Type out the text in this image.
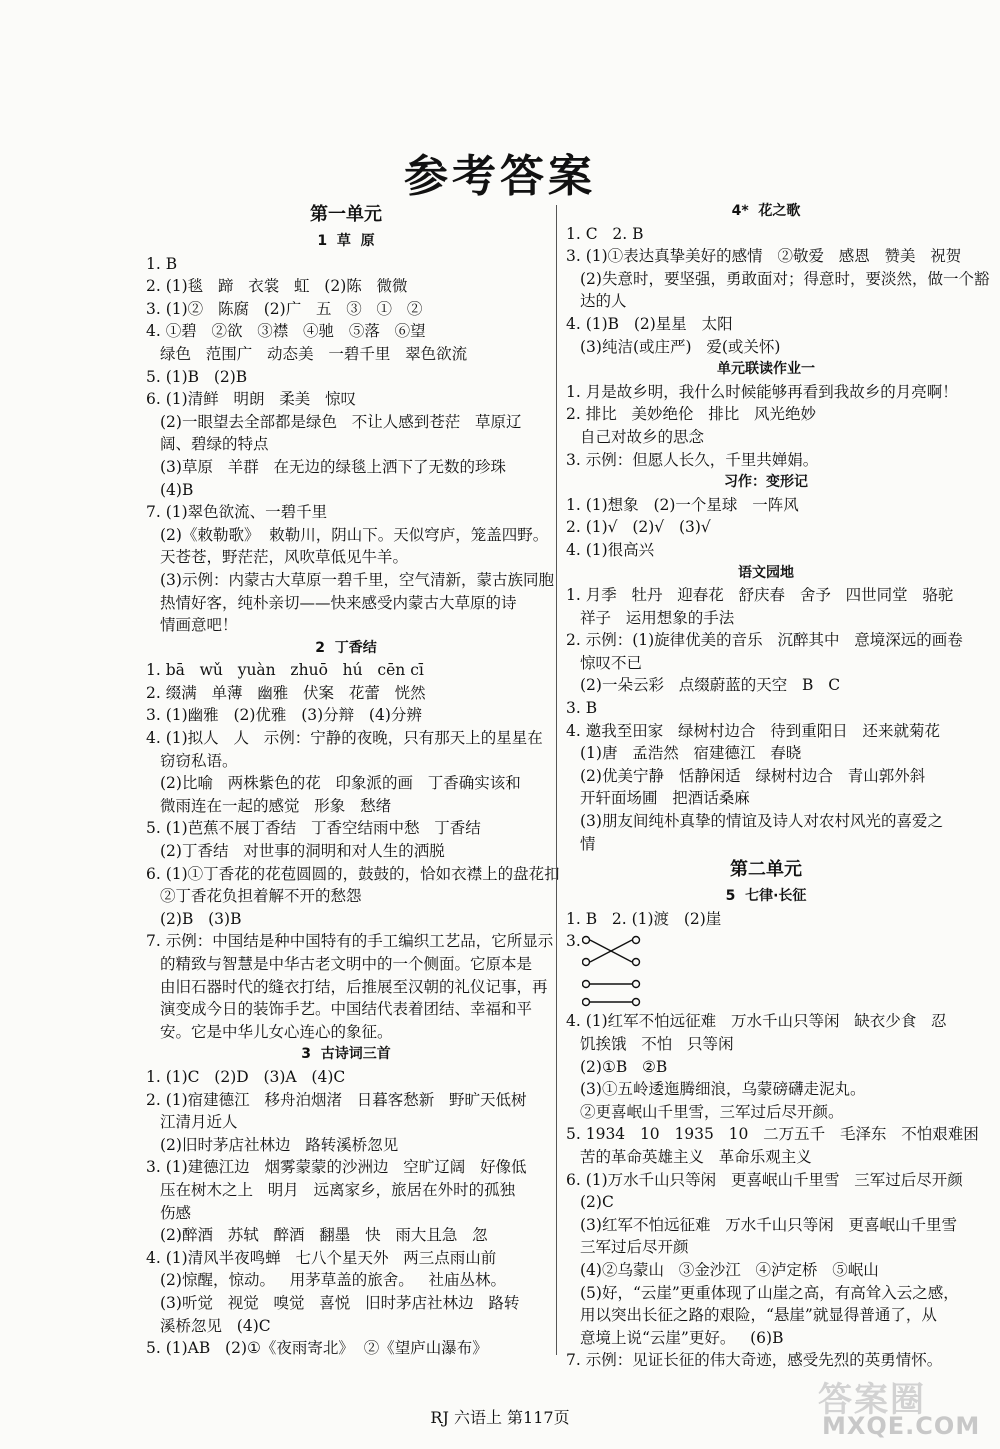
参考答案
第一单元
1  草  原
1. B
2. (1)毯   蹄   衣裳   虹   (2)陈   微微
3. (1)②   陈腐   (2)广   五   ③   ①   ②
4. ①碧   ②欲   ③襟   ④驰   ⑤落   ⑥望
绿色   范围广   动态美   一碧千里   翠色欲流
5. (1)B   (2)B
6. (1)清鲜   明朗   柔美   惊叹
(2)一眼望去全部都是绿色   不让人感到苍茫   草原辽
阔、碧绿的特点
(3)草原   羊群   在无边的绿毯上洒下了无数的珍珠
(4)B
7. (1)翠色欲流、一碧千里
(2)《敕勒歌》  敕勒川，阴山下。天似穹庐，笼盖四野。
天苍苍，野茫茫，风吹草低见牛羊。
(3)示例：内蒙古大草原一碧千里，空气清新，蒙古族同胞
热情好客，纯朴亲切——快来感受内蒙古大草原的诗
情画意吧！
2  丁香结
1. bā   wǔ   yuàn   zhuō   hú   cēn cī
2. 缀满   单薄   幽雅   伏案   花蕾   恍然
3. (1)幽雅   (2)优雅   (3)分辩   (4)分辨
4. (1)拟人   人   示例：宁静的夜晚，只有那天上的星星在
窃窃私语。
(2)比喻   两株紫色的花   印象派的画   丁香确实该和
微雨连在一起的感觉   形象   愁绪
5. (1)芭蕉不展丁香结   丁香空结雨中愁   丁香结
(2)丁香结   对世事的洞明和对人生的洒脱
6. (1)①丁香花的花苞圆圆的，鼓鼓的，恰如衣襟上的盘花扣
②丁香花负担着解不开的愁怨
(2)B   (3)B
7. 示例：中国结是种中国特有的手工编织工艺品，它所显示
的精致与智慧是中华古老文明中的一个侧面。它原本是
由旧石器时代的缝衣打结，后推展至汉朝的礼仪记事，再
演变成今日的装饰手艺。中国结代表着团结、幸福和平
安。它是中华儿女心连心的象征。
3  古诗词三首
1. (1)C   (2)D   (3)A   (4)C
2. (1)宿建德江   移舟泊烟渚   日暮客愁新   野旷天低树
江清月近人
(2)旧时茅店社林边   路转溪桥忽见
3. (1)建德江边   烟雾蒙蒙的沙洲边   空旷辽阔   好像低
压在树木之上   明月   远离家乡，旅居在外时的孤独
伤感
(2)醉酒   苏轼   醉酒   翻墨   快   雨大且急   忽
4. (1)清风半夜鸣蝉   七八个星天外   两三点雨山前
(2)惊醒，惊动。   用茅草盖的旅舍。   社庙丛林。
(3)听觉   视觉   嗅觉   喜悦   旧时茅店社林边   路转
溪桥忽见   (4)C
5. (1)AB   (2)①《夜雨寄北》  ②《望庐山瀑布》
4*  花之歌
1. C   2. B
3. (1)①表达真挚美好的感情   ②敬爱   感恩   赞美   祝贺
(2)失意时，要坚强，勇敢面对；得意时，要淡然，做一个豁
达的人
4. (1)B   (2)星星   太阳
(3)纯洁(或庄严)   爱(或关怀)
单元联读作业一
1. 月是故乡明，我什么时候能够再看到我故乡的月亮啊！
2. 排比   美妙绝伦   排比   风光绝妙
自己对故乡的思念
3. 示例：但愿人长久，千里共婵娟。
习作：变形记
1. (1)想象   (2)一个星球   一阵风
2. (1)√   (2)√   (3)√
4. (1)很高兴
语文园地
1. 月季   牡丹   迎春花   舒庆春   舍予   四世同堂   骆驼
祥子   运用想象的手法
2. 示例：(1)旋律优美的音乐   沉醉其中   意境深远的画卷
惊叹不已
(2)一朵云彩   点缀蔚蓝的天空   B   C
3. B
4. 邀我至田家   绿树村边合   待到重阳日   还来就菊花
(1)唐   孟浩然   宿建德江   春晓
(2)优美宁静   恬静闲适   绿树村边合   青山郭外斜
开轩面场圃   把酒话桑麻
(3)朋友间纯朴真挚的情谊及诗人对农村风光的喜爱之
情
第二单元
5  七律·长征
1. B   2. (1)渡   (2)崖
3.
4. (1)红军不怕远征难   万水千山只等闲   缺衣少食   忍
饥挨饿   不怕   只等闲
(2)①B   ②B
(3)①五岭逶迤腾细浪，乌蒙磅礴走泥丸。
②更喜岷山千里雪，三军过后尽开颜。
5. 1934   10   1935   10   二万五千   毛泽东   不怕艰难困
苦的革命英雄主义   革命乐观主义
6. (1)万水千山只等闲   更喜岷山千里雪   三军过后尽开颜
(2)C
(3)红军不怕远征难   万水千山只等闲   更喜岷山千里雪
三军过后尽开颜
(4)②乌蒙山   ③金沙江   ④泸定桥   ⑤岷山
(5)好，“云崖”更重体现了山崖之高，有高耸入云之感，
用以突出长征之路的艰险，“悬崖”就显得普通了，从
意境上说“云崖”更好。   (6)B
7. 示例：见证长征的伟大奇迹，感受先烈的英勇情怀。
RJ 六语上 第117页	答案圈
MXQE.COM
